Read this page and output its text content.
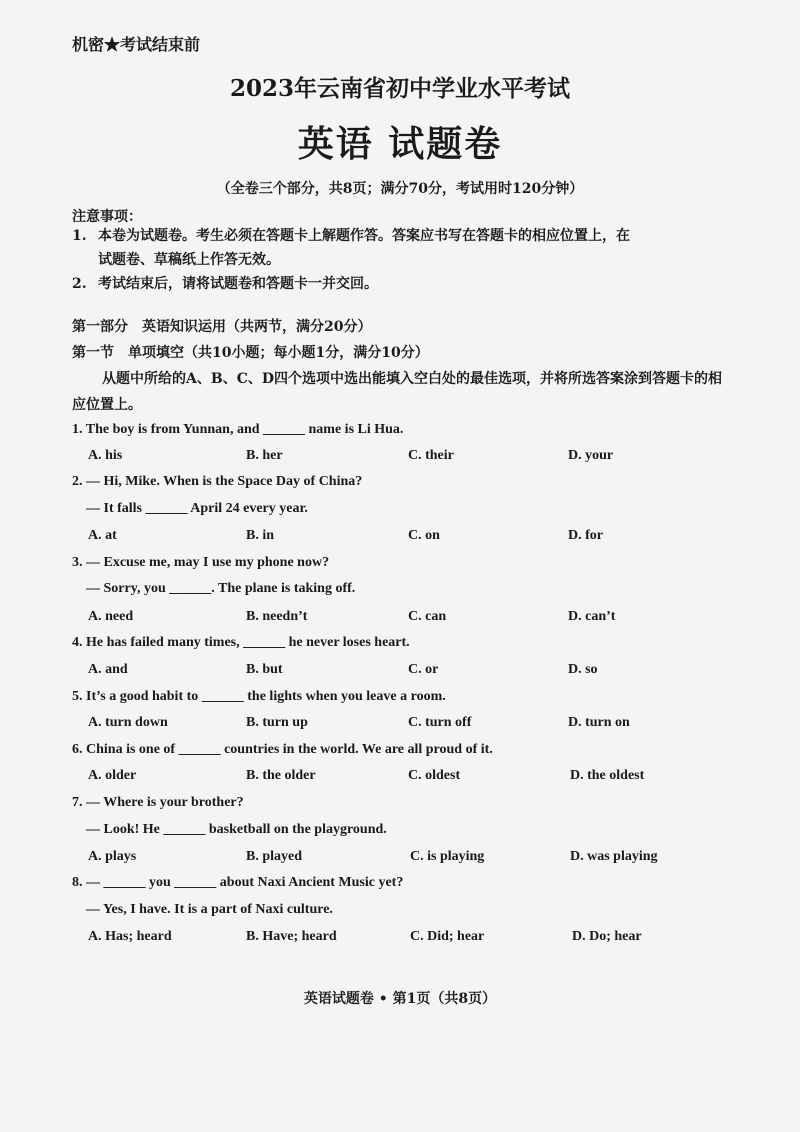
机密★考试结束前
2023年云南省初中学业水平考试
英语 试题卷
（全卷三个部分，共8页；满分70分，考试用时120分钟）
注意事项：
1. 本卷为试题卷。考生必须在答题卡上解题作答。答案应书写在答题卡的相应位置上，在
试题卷、草稿纸上作答无效。
2. 考试结束后，请将试题卷和答题卡一并交回。
第一部分　英语知识运用（共两节，满分20分）
第一节　单项填空（共10小题；每小题1分，满分10分）
从题中所给的A、B、C、D四个选项中选出能填入空白处的最佳选项，并将所选答案涂到答题卡的相应位置上。
1. The boy is from Yunnan, and ______ name is Li Hua.
A. his	B. her	C. their	D. your
2. — Hi, Mike. When is the Space Day of China?
— It falls ______ April 24 every year.
A. at	B. in	C. on	D. for
3. — Excuse me, may I use my phone now?
— Sorry, you ______. The plane is taking off.
A. need	B. needn’t	C. can	D. can’t
4. He has failed many times, ______ he never loses heart.
A. and	B. but	C. or	D. so
5. It’s a good habit to ______ the lights when you leave a room.
A. turn down	B. turn up	C. turn off	D. turn on
6. China is one of ______ countries in the world. We are all proud of it.
A. older	B. the older	C. oldest	D. the oldest
7. — Where is your brother?
— Look! He ______ basketball on the playground.
A. plays	B. played	C. is playing	D. was playing
8. — ______ you ______ about Naxi Ancient Music yet?
— Yes, I have. It is a part of Naxi culture.
A. Has; heard	B. Have; heard	C. Did; hear	D. Do; hear
英语试题卷 • 第1页（共8页）
